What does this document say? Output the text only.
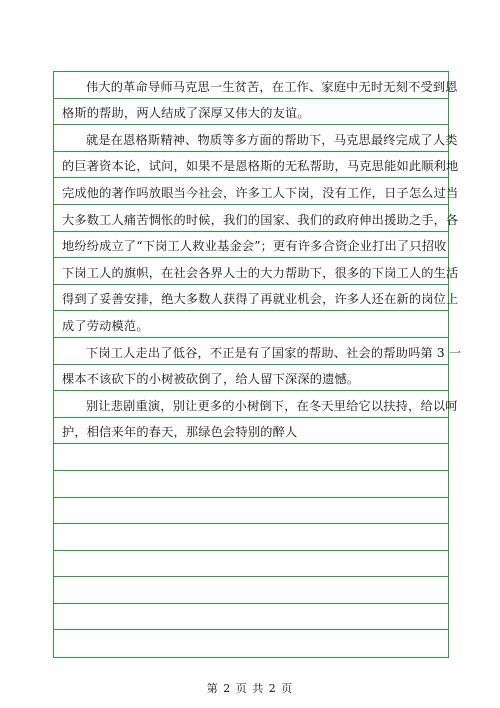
伟大的革命导师马克思一生贫苦，在工作、家庭中无时无刻不受到恩
格斯的帮助，两人结成了深厚又伟大的友谊。
就是在恩格斯精神、物质等多方面的帮助下，马克思最终完成了人类
的巨著资本论，试问，如果不是恩格斯的无私帮助，马克思能如此顺利地
完成他的著作吗放眼当今社会，许多工人下岗，没有工作，日子怎么过当
大多数工人痛苦惆怅的时候，我们的国家、我们的政府伸出援助之手，各
地纷纷成立了“下岗工人救业基金会”；更有许多合资企业打出了只招收
下岗工人的旗帜，在社会各界人士的大力帮助下，很多的下岗工人的生活
得到了妥善安排，绝大多数人获得了再就业机会，许多人还在新的岗位上
成了劳动模范。
下岗工人走出了低谷，不正是有了国家的帮助、社会的帮助吗第 3 一
棵本不该砍下的小树被砍倒了，给人留下深深的遗憾。
别让悲剧重演，别让更多的小树倒下，在冬天里给它以扶持，给以呵
护，相信来年的春天，那绿色会特别的醉人
第 2 页 共 2 页
